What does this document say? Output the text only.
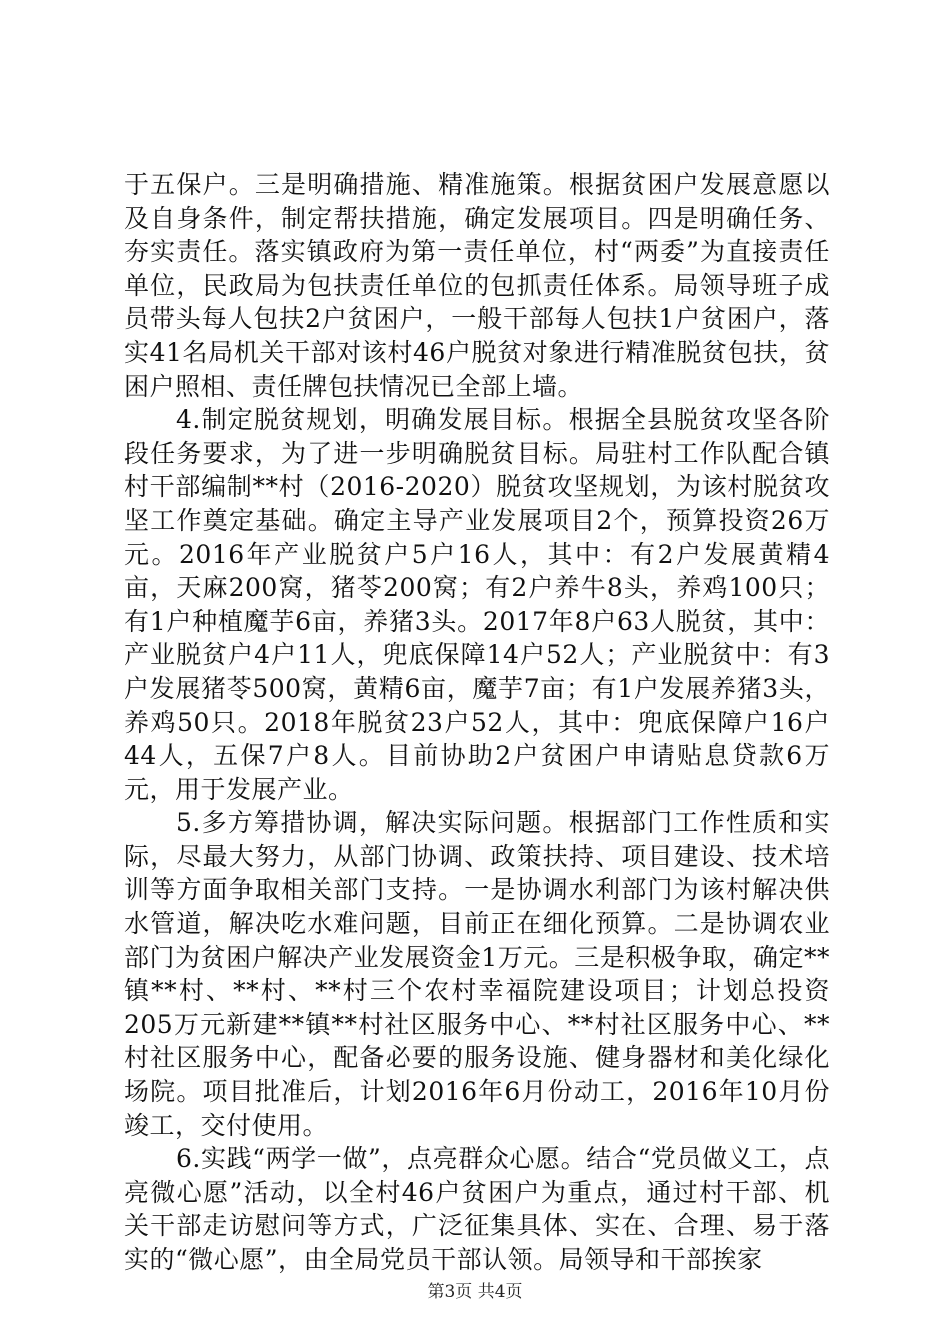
于五保户。三是明确措施、精准施策。根据贫困户发展意愿以及自身条件，制定帮扶措施，确定发展项目。四是明确任务、夯实责任。落实镇政府为第一责任单位，村“两委”为直接责任单位，民政局为包扶责任单位的包抓责任体系。局领导班子成员带头每人包扶2户贫困户，一般干部每人包扶1户贫困户，落实41名局机关干部对该村46户脱贫对象进行精准脱贫包扶，贫困户照相、责任牌包扶情况已全部上墙。

4.制定脱贫规划，明确发展目标。根据全县脱贫攻坚各阶段任务要求，为了进一步明确脱贫目标。局驻村工作队配合镇村干部编制**村（2016-2020）脱贫攻坚规划，为该村脱贫攻坚工作奠定基础。确定主导产业发展项目2个，预算投资26万元。2016年产业脱贫户5户16人，其中：有2户发展黄精4亩，天麻200窝，猪苓200窝；有2户养牛8头，养鸡100只；有1户种植魔芋6亩，养猪3头。2017年8户63人脱贫，其中：产业脱贫户4户11人，兜底保障14户52人；产业脱贫中：有3户发展猪苓500窝，黄精6亩，魔芋7亩；有1户发展养猪3头，养鸡50只。2018年脱贫23户52人，其中：兜底保障户16户44人，五保7户8人。目前协助2户贫困户申请贴息贷款6万元，用于发展产业。

5.多方筹措协调，解决实际问题。根据部门工作性质和实际，尽最大努力，从部门协调、政策扶持、项目建设、技术培训等方面争取相关部门支持。一是协调水利部门为该村解决供水管道，解决吃水难问题，目前正在细化预算。二是协调农业部门为贫困户解决产业发展资金1万元。三是积极争取，确定**镇**村、**村、**村三个农村幸福院建设项目；计划总投资205万元新建**镇**村社区服务中心、**村社区服务中心、**村社区服务中心，配备必要的服务设施、健身器材和美化绿化场院。项目批准后，计划2016年6月份动工，2016年10月份竣工，交付使用。

6.实践“两学一做”，点亮群众心愿。结合“党员做义工，点亮微心愿”活动，以全村46户贫困户为重点，通过村干部、机关干部走访慰问等方式，广泛征集具体、实在、合理、易于落实的“微心愿”，由全局党员干部认领。局领导和干部挨家

第3页 共4页
